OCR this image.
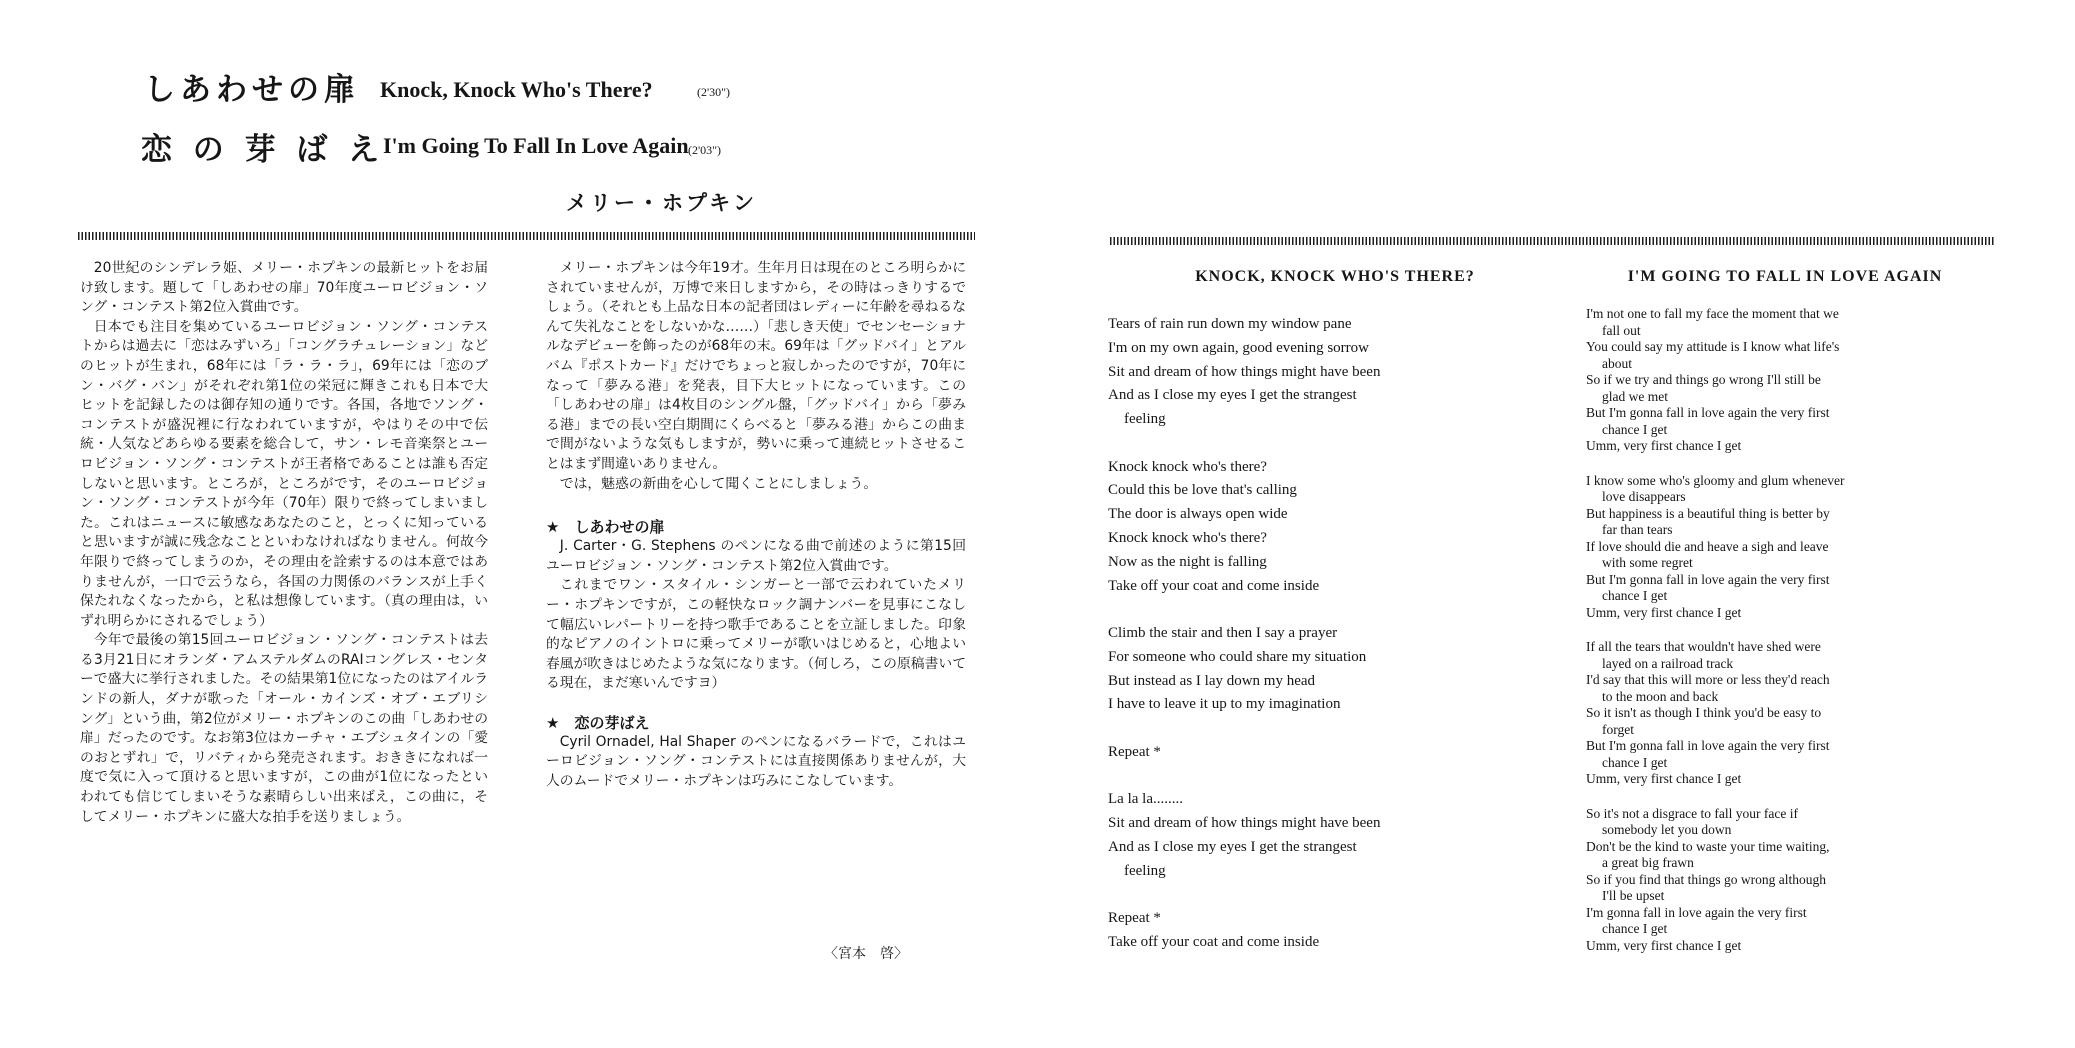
しあわせの扉 Knock, Knock Who's There?	(2'30")
恋 の 芽 ば え
I'm Going To Fall In Love Again (2'03")
メリー・ホプキン

20世紀のシンデレラ姫、メリー・ホプキンの最新ヒットをお届け致します。題して「しあわせの扉」70年度ユーロビジョン・ソング・コンテスト第2位入賞曲です。

日本でも注目を集めているユーロビジョン・ソング・コンテストからは過去に「恋はみずいろ」「コングラチュレーション」などのヒットが生まれ，68年には「ラ・ラ・ラ」，69年には「恋のブン・バグ・バン」がそれぞれ第1位の栄冠に輝きこれも日本で大ヒットを記録したのは御存知の通りです。各国，各地でソング・コンテストが盛況裡に行なわれていますが，やはりその中で伝統・人気などあらゆる要素を総合して，サン・レモ音楽祭とユーロビジョン・ソング・コンテストが王者格であることは誰も否定しないと思います。ところが，ところがです，そのユーロビジョン・ソング・コンテストが今年（70年）限りで終ってしまいました。これはニュースに敏感なあなたのこと，とっくに知っていると思いますが誠に残念なことといわなければなりません。何故今年限りで終ってしまうのか，その理由を詮索するのは本意ではありませんが，一口で云うなら，各国の力関係のバランスが上手く保たれなくなったから，と私は想像しています。（真の理由は，いずれ明らかにされるでしょう）

今年で最後の第15回ユーロビジョン・ソング・コンテストは去る3月21日にオランダ・アムステルダムのRAIコングレス・センターで盛大に挙行されました。その結果第1位になったのはアイルランドの新人，ダナが歌った「オール・カインズ・オブ・エブリシング」という曲，第2位がメリー・ホプキンのこの曲「しあわせの扉」だったのです。なお第3位はカーチャ・エブシュタインの「愛のおとずれ」で，リバティから発売されます。おききになれば一度で気に入って頂けると思いますが，この曲が1位になったといわれても信じてしまいそうな素晴らしい出来ばえ，この曲に，そしてメリー・ホプキンに盛大な拍手を送りましょう。

メリー・ホプキンは今年19才。生年月日は現在のところ明らかにされていませんが，万博で来日しますから，その時はっきりするでしょう。（それとも上品な日本の記者団はレディーに年齢を尋ねるなんて失礼なことをしないかな……）「悲しき天使」でセンセーショナルなデビューを飾ったのが68年の末。69年は「グッドバイ」とアルバム『ポストカード』だけでちょっと寂しかったのですが，70年になって「夢みる港」を発表，目下大ヒットになっています。この「しあわせの扉」は4枚目のシングル盤，「グッドバイ」から「夢みる港」までの長い空白期間にくらべると「夢みる港」からこの曲まで間がないような気もしますが，勢いに乗って連続ヒットさせることはまず間違いありません。

では，魅惑の新曲を心して聞くことにしましょう。

★　しあわせの扉

J. Carter・G. Stephens のペンになる曲で前述のように第15回ユーロビジョン・ソング・コンテスト第2位入賞曲です。

これまでワン・スタイル・シンガーと一部で云われていたメリー・ホプキンですが，この軽快なロック調ナンバーを見事にこなして幅広いレパートリーを持つ歌手であることを立証しました。印象的なピアノのイントロに乗ってメリーが歌いはじめると，心地よい春風が吹きはじめたような気になります。（何しろ，この原稿書いてる現在，まだ寒いんですヨ）

★　恋の芽ばえ

Cyril Ornadel, Hal Shaper のペンになるバラードで，これはユーロビジョン・ソング・コンテストには直接関係ありませんが，大人のムードでメリー・ホプキンは巧みにこなしています。

〈宮本　啓〉
KNOCK, KNOCK WHO'S THERE?
Tears of rain run down my window pane
I'm on my own again, good evening sorrow
Sit and dream of how things might have been
And as I close my eyes I get the strangest
feeling
Knock knock who's there?
Could this be love that's calling
The door is always open wide
Knock knock who's there?
Now as the night is falling
Take off your coat and come inside
Climb the stair and then I say a prayer
For someone who could share my situation
But instead as I lay down my head
I have to leave it up to my imagination
Repeat *
La la la........
Sit and dream of how things might have been
And as I close my eyes I get the strangest
feeling
Repeat *
Take off your coat and come inside
I'M GOING TO FALL IN LOVE AGAIN
I'm not one to fall my face the moment that we
fall out
You could say my attitude is I know what life's
about
So if we try and things go wrong I'll still be
glad we met
But I'm gonna fall in love again the very first
chance I get
Umm, very first chance I get
I know some who's gloomy and glum whenever
love disappears
But happiness is a beautiful thing is better by
far than tears
If love should die and heave a sigh and leave
with some regret
But I'm gonna fall in love again the very first
chance I get
Umm, very first chance I get
If all the tears that wouldn't have shed were
layed on a railroad track
I'd say that this will more or less they'd reach
to the moon and back
So it isn't as though I think you'd be easy to
forget
But I'm gonna fall in love again the very first
chance I get
Umm, very first chance I get
So it's not a disgrace to fall your face if
somebody let you down
Don't be the kind to waste your time waiting,
a great big frawn
So if you find that things go wrong although
I'll be upset
I'm gonna fall in love again the very first
chance I get
Umm, very first chance I get
